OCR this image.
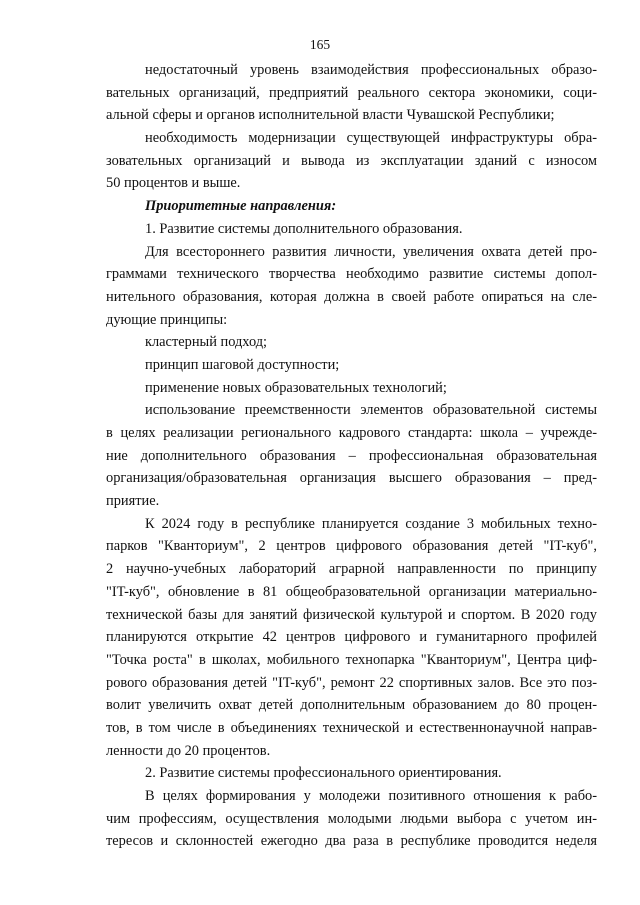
165
недостаточный уровень взаимодействия профессиональных образо-
вательных организаций, предприятий реального сектора экономики, соци-
альной сферы и органов исполнительной власти Чувашской Республики;
необходимость модернизации существующей инфраструктуры обра-
зовательных организаций и вывода из эксплуатации зданий с износом
50 процентов и выше.
Приоритетные направления:
1. Развитие системы дополнительного образования.
Для всестороннего развития личности, увеличения охвата детей про-
граммами технического творчества необходимо развитие системы допол-
нительного образования, которая должна в своей работе опираться на сле-
дующие принципы:
кластерный подход;
принцип шаговой доступности;
применение новых образовательных технологий;
использование преемственности элементов образовательной системы
в целях реализации регионального кадрового стандарта: школа – учрежде-
ние дополнительного образования – профессиональная образовательная
организация/образовательная организация высшего образования – пред-
приятие.
К 2024 году в республике планируется создание 3 мобильных техно-
парков "Кванториум", 2 центров цифрового образования детей "IT-куб",
2 научно-учебных лабораторий аграрной направленности по принципу
"IT-куб", обновление в 81 общеобразовательной организации материально-
технической базы для занятий физической культурой и спортом. В 2020 году
планируются открытие 42 центров цифрового и гуманитарного профилей
"Точка роста" в школах, мобильного технопарка "Кванториум", Центра циф-
рового образования детей "IT-куб", ремонт 22 спортивных залов. Все это поз-
волит увеличить охват детей дополнительным образованием до 80 процен-
тов, в том числе в объединениях технической и естественнонаучной направ-
ленности до 20 процентов.
2. Развитие системы профессионального ориентирования.
В целях формирования у молодежи позитивного отношения к рабо-
чим профессиям, осуществления молодыми людьми выбора с учетом ин-
тересов и склонностей ежегодно два раза в республике проводится неделя
